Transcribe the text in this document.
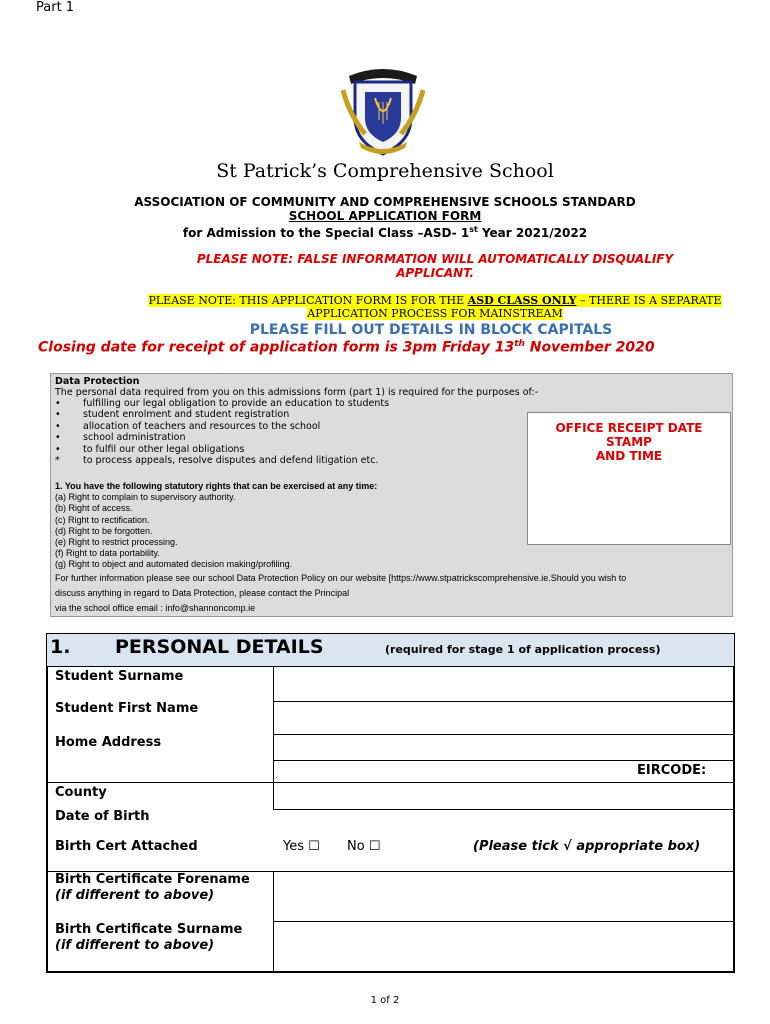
Part 1
St Patrick’s Comprehensive School
ASSOCIATION OF COMMUNITY AND COMPREHENSIVE SCHOOLS STANDARD
SCHOOL APPLICATION FORM
for Admission to the Special Class –ASD- 1st Year 2021/2022
PLEASE NOTE: FALSE INFORMATION WILL AUTOMATICALLY DISQUALIFY
APPLICANT.
PLEASE NOTE: THIS APPLICATION FORM IS FOR THE ASD CLASS ONLY – THERE IS A SEPARATE
APPLICATION PROCESS FOR MAINSTREAM
PLEASE FILL OUT DETAILS IN BLOCK CAPITALS
Closing date for receipt of application form is 3pm Friday 13th November 2020
Data Protection
The personal data required from you on this admissions form (part 1) is required for the purposes of:-
• fulfilling our legal obligation to provide an education to students
• student enrolment and student registration
• allocation of teachers and resources to the school
• school administration
• to fulfil our other legal obligations
* to process appeals, resolve disputes and defend litigation etc.
1. You have the following statutory rights that can be exercised at any time:
(a) Right to complain to supervisory authority.
(b) Right of access.
(c) Right to rectification.
(d) Right to be forgotten.
(e) Right to restrict processing.
(f) Right to data portability.
(g) Right to object and automated decision making/profiling.
For further information please see our school Data Protection Policy on our website [https://www.stpatrickscomprehensive.ie.Should you wish to
discuss anything in regard to Data Protection, please contact the Principal
via the school office email : info@shannoncomp.ie
OFFICE RECEIPT DATE
STAMP
AND TIME
1. PERSONAL DETAILS	(required for stage 1 of application process)
Student Surname
Student First Name
Home Address
EIRCODE:
County
Date of Birth
Birth Cert Attached	Yes ☐ No ☐	(Please tick √ appropriate box)
Birth Certificate Forename
(if different to above)
Birth Certificate Surname
(if different to above)
1 of 2
